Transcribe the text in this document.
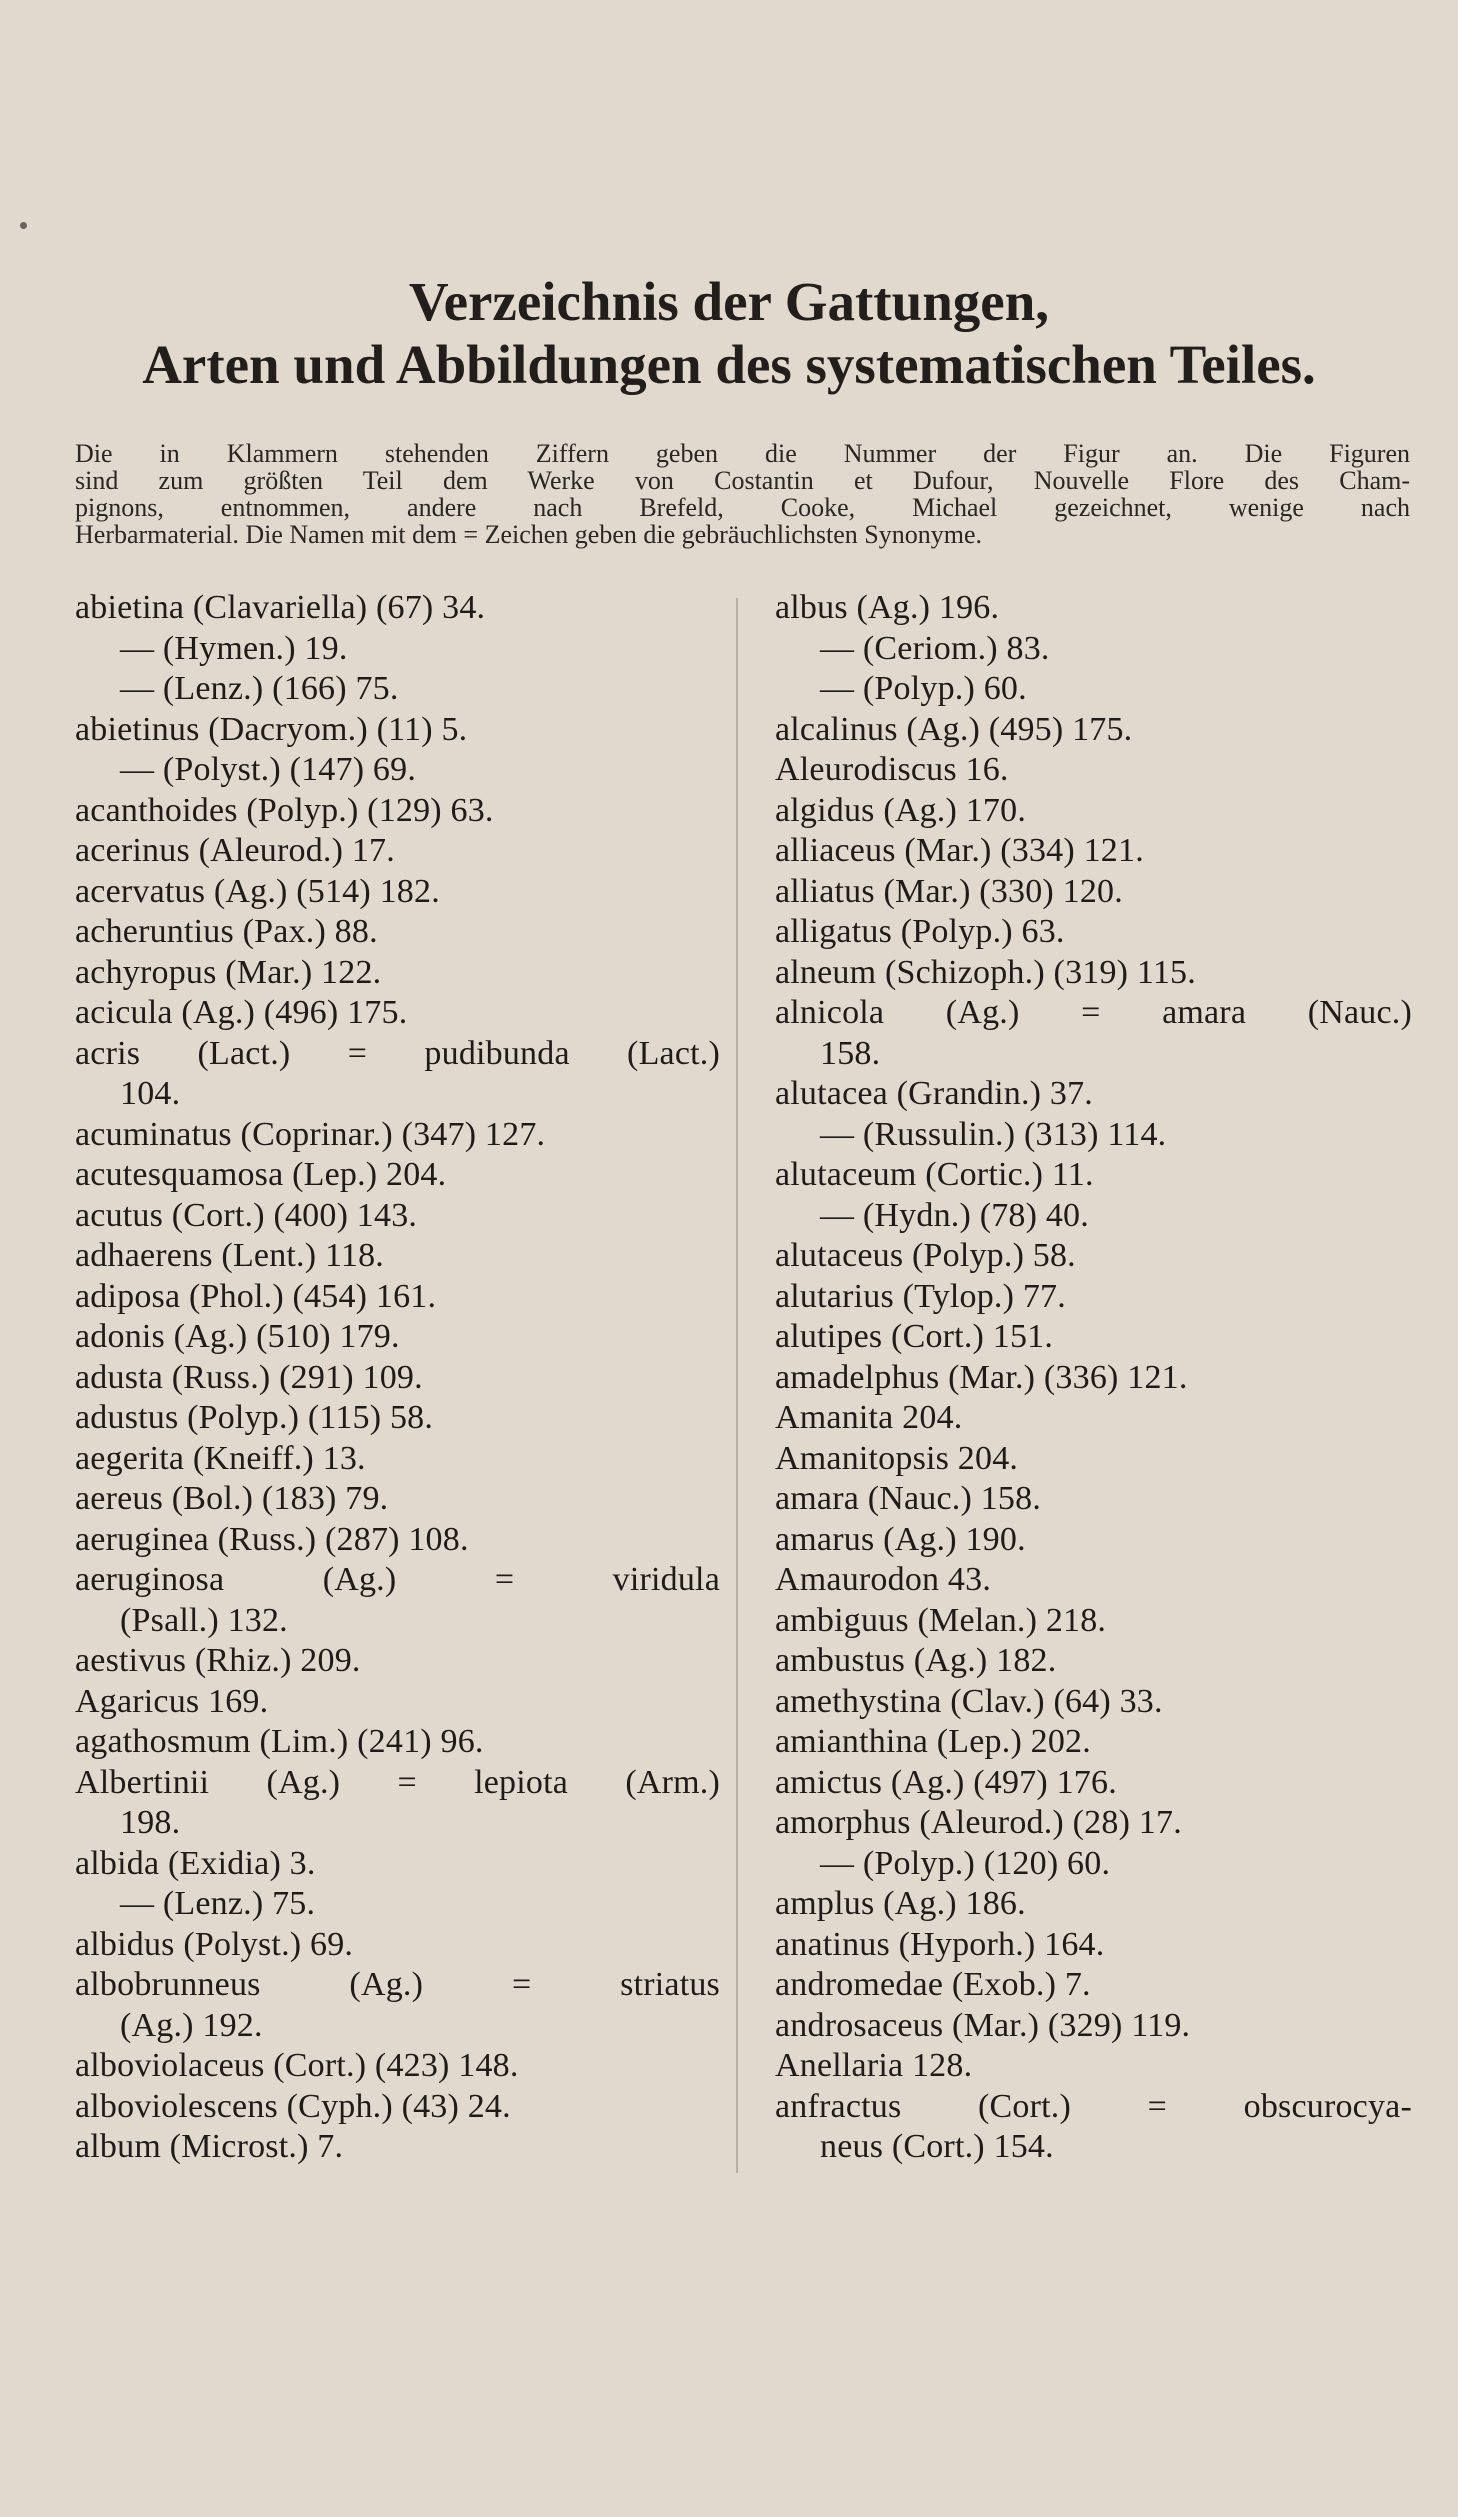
Verzeichnis der Gattungen,
Arten und Abbildungen des systematischen Teiles.
Die in Klammern stehenden Ziffern geben die Nummer der Figur an. Die Figuren
sind zum größten Teil dem Werke von Costantin et Dufour, Nouvelle Flore des Cham-
pignons, entnommen, andere nach Brefeld, Cooke, Michael gezeichnet, wenige nach
Herbarmaterial. Die Namen mit dem = Zeichen geben die gebräuchlichsten Synonyme.
abietina (Clavariella) (67) 34.
— (Hymen.) 19.
— (Lenz.) (166) 75.
abietinus (Dacryom.) (11) 5.
— (Polyst.) (147) 69.
acanthoides (Polyp.) (129) 63.
acerinus (Aleurod.) 17.
acervatus (Ag.) (514) 182.
acheruntius (Pax.) 88.
achyropus (Mar.) 122.
acicula (Ag.) (496) 175.
acris (Lact.) = pudibunda (Lact.)
104.
acuminatus (Coprinar.) (347) 127.
acutesquamosa (Lep.) 204.
acutus (Cort.) (400) 143.
adhaerens (Lent.) 118.
adiposa (Phol.) (454) 161.
adonis (Ag.) (510) 179.
adusta (Russ.) (291) 109.
adustus (Polyp.) (115) 58.
aegerita (Kneiff.) 13.
aereus (Bol.) (183) 79.
aeruginea (Russ.) (287) 108.
aeruginosa (Ag.) = viridula
(Psall.) 132.
aestivus (Rhiz.) 209.
Agaricus 169.
agathosmum (Lim.) (241) 96.
Albertinii (Ag.) = lepiota (Arm.)
198.
albida (Exidia) 3.
— (Lenz.) 75.
albidus (Polyst.) 69.
albobrunneus (Ag.) = striatus
(Ag.) 192.
alboviolaceus (Cort.) (423) 148.
alboviolescens (Cyph.) (43) 24.
album (Microst.) 7.
albus (Ag.) 196.
— (Ceriom.) 83.
— (Polyp.) 60.
alcalinus (Ag.) (495) 175.
Aleurodiscus 16.
algidus (Ag.) 170.
alliaceus (Mar.) (334) 121.
alliatus (Mar.) (330) 120.
alligatus (Polyp.) 63.
alneum (Schizoph.) (319) 115.
alnicola (Ag.) = amara (Nauc.)
158.
alutacea (Grandin.) 37.
— (Russulin.) (313) 114.
alutaceum (Cortic.) 11.
— (Hydn.) (78) 40.
alutaceus (Polyp.) 58.
alutarius (Tylop.) 77.
alutipes (Cort.) 151.
amadelphus (Mar.) (336) 121.
Amanita 204.
Amanitopsis 204.
amara (Nauc.) 158.
amarus (Ag.) 190.
Amaurodon 43.
ambiguus (Melan.) 218.
ambustus (Ag.) 182.
amethystina (Clav.) (64) 33.
amianthina (Lep.) 202.
amictus (Ag.) (497) 176.
amorphus (Aleurod.) (28) 17.
— (Polyp.) (120) 60.
amplus (Ag.) 186.
anatinus (Hyporh.) 164.
andromedae (Exob.) 7.
androsaceus (Mar.) (329) 119.
Anellaria 128.
anfractus (Cort.) = obscurocya-
neus (Cort.) 154.
